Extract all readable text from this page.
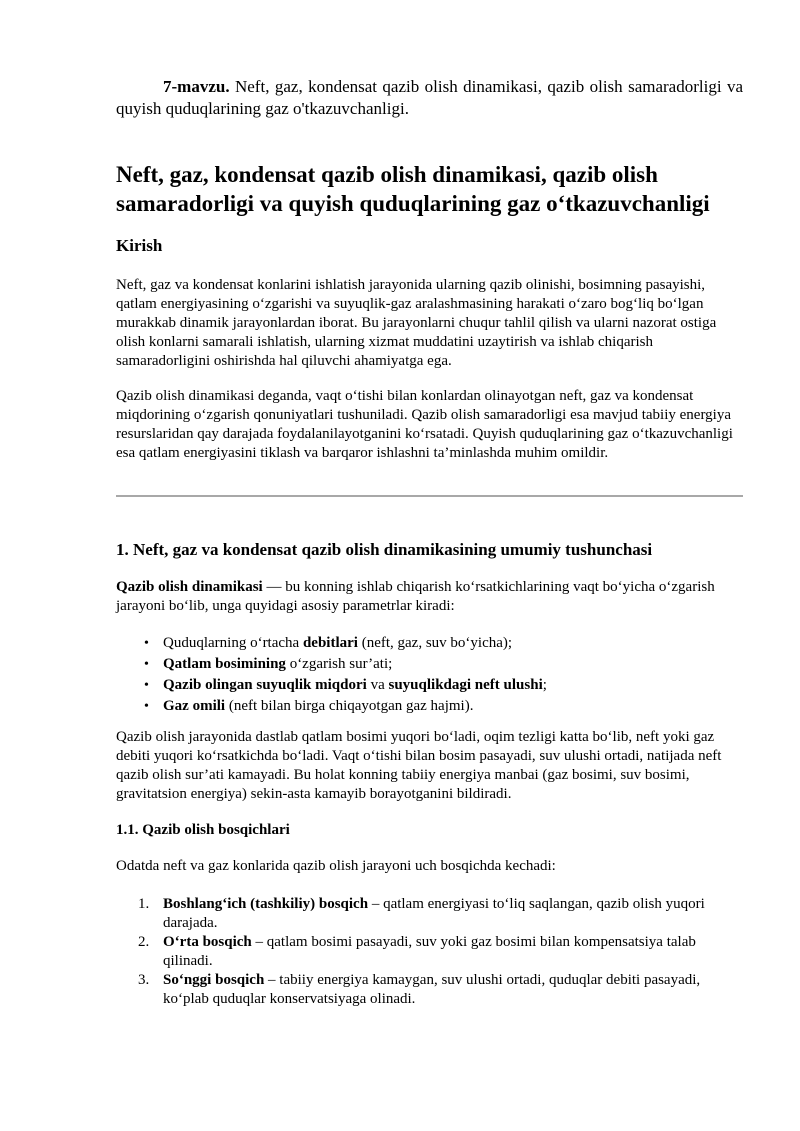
7-mavzu. Neft, gaz, kondensat qazib olish dinamikasi, qazib olish samaradorligi va quyish quduqlarining gaz o'tkazuvchanligi.
Neft, gaz, kondensat qazib olish dinamikasi, qazib olish samaradorligi va quyish quduqlarining gaz o‘tkazuvchanligi
Kirish

Neft, gaz va kondensat konlarini ishlatish jarayonida ularning qazib olinishi, bosimning pasayishi, qatlam energiyasining o‘zgarishi va suyuqlik-gaz aralashmasining harakati o‘zaro bog‘liq bo‘lgan murakkab dinamik jarayonlardan iborat. Bu jarayonlarni chuqur tahlil qilish va ularni nazorat ostiga olish konlarni samarali ishlatish, ularning xizmat muddatini uzaytirish va ishlab chiqarish samaradorligini oshirishda hal qiluvchi ahamiyatga ega.

Qazib olish dinamikasi deganda, vaqt o‘tishi bilan konlardan olinayotgan neft, gaz va kondensat miqdorining o‘zgarish qonuniyatlari tushuniladi. Qazib olish samaradorligi esa mavjud tabiiy energiya resurslaridan qay darajada foydalanilayotganini ko‘rsatadi. Quyish quduqlarining gaz o‘tkazuvchanligi esa qatlam energiyasini tiklash va barqaror ishlashni ta’minlashda muhim omildir.

1. Neft, gaz va kondensat qazib olish dinamikasining umumiy tushunchasi

Qazib olish dinamikasi — bu konning ishlab chiqarish ko‘rsatkichlarining vaqt bo‘yicha o‘zgarish jarayoni bo‘lib, unga quyidagi asosiy parametrlar kiradi:

• Quduqlarning o‘rtacha debitlari (neft, gaz, suv bo‘yicha);
• Qatlam bosimining o‘zgarish sur’ati;
• Qazib olingan suyuqlik miqdori va suyuqlikdagi neft ulushi;
• Gaz omili (neft bilan birga chiqayotgan gaz hajmi).

Qazib olish jarayonida dastlab qatlam bosimi yuqori bo‘ladi, oqim tezligi katta bo‘lib, neft yoki gaz debiti yuqori ko‘rsatkichda bo‘ladi. Vaqt o‘tishi bilan bosim pasayadi, suv ulushi ortadi, natijada neft qazib olish sur’ati kamayadi. Bu holat konning tabiiy energiya manbai (gaz bosimi, suv bosimi, gravitatsion energiya) sekin-asta kamayib borayotganini bildiradi.

1.1. Qazib olish bosqichlari

Odatda neft va gaz konlarida qazib olish jarayoni uch bosqichda kechadi:

1. Boshlang‘ich (tashkiliy) bosqich – qatlam energiyasi to‘liq saqlangan, qazib olish yuqori darajada.
2. O‘rta bosqich – qatlam bosimi pasayadi, suv yoki gaz bosimi bilan kompensatsiya talab qilinadi.
3. So‘nggi bosqich – tabiiy energiya kamaygan, suv ulushi ortadi, quduqlar debiti pasayadi, ko‘plab quduqlar konservatsiyaga olinadi.
